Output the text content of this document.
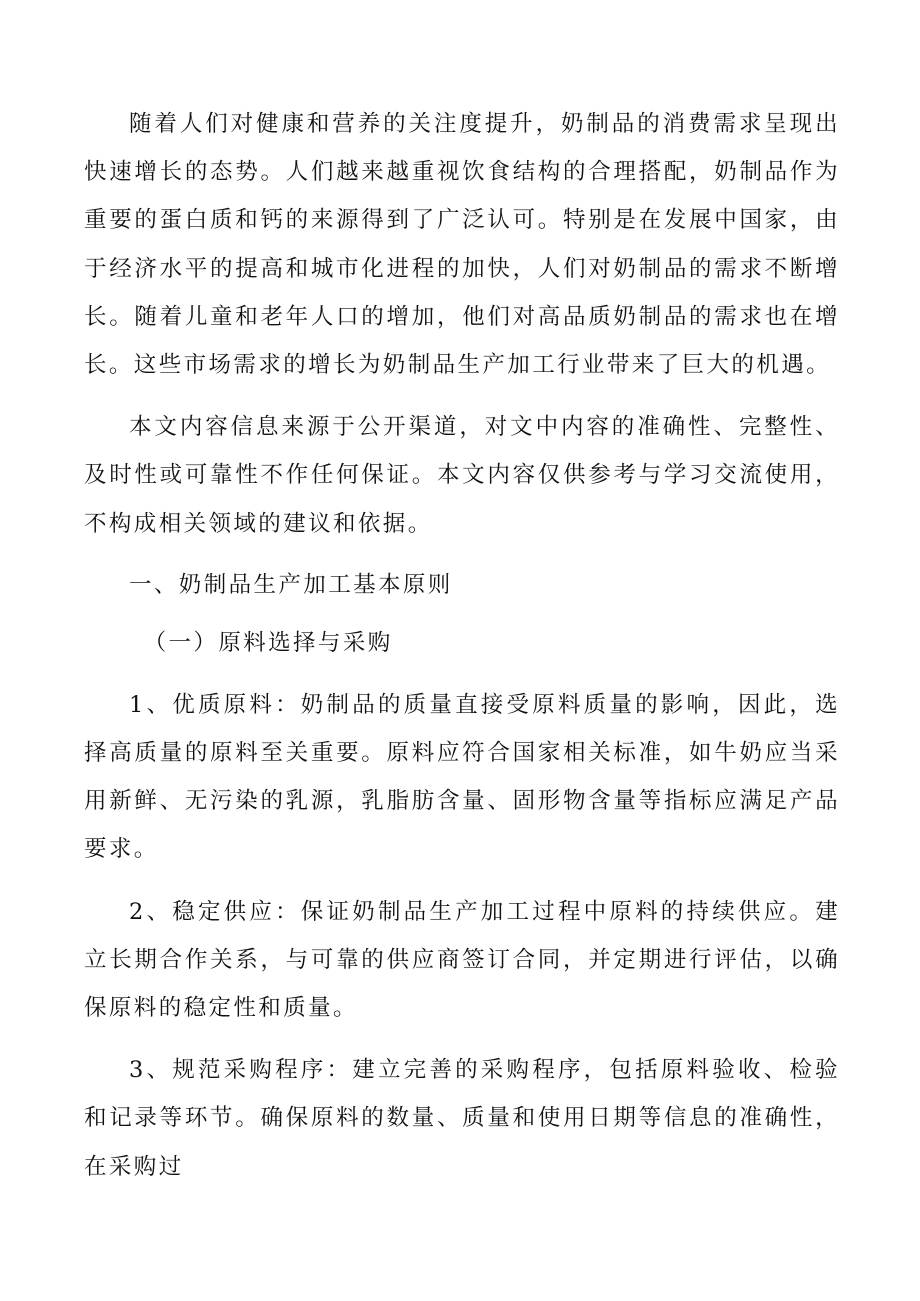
随着人们对健康和营养的关注度提升，奶制品的消费需求呈现出快速增长的态势。人们越来越重视饮食结构的合理搭配，奶制品作为重要的蛋白质和钙的来源得到了广泛认可。特别是在发展中国家，由于经济水平的提高和城市化进程的加快，人们对奶制品的需求不断增长。随着儿童和老年人口的增加，他们对高品质奶制品的需求也在增长。这些市场需求的增长为奶制品生产加工行业带来了巨大的机遇。

本文内容信息来源于公开渠道，对文中内容的准确性、完整性、及时性或可靠性不作任何保证。本文内容仅供参考与学习交流使用，不构成相关领域的建议和依据。

一、奶制品生产加工基本原则

（一）原料选择与采购

1、优质原料：奶制品的质量直接受原料质量的影响，因此，选择高质量的原料至关重要。原料应符合国家相关标准，如牛奶应当采用新鲜、无污染的乳源，乳脂肪含量、固形物含量等指标应满足产品要求。

2、稳定供应：保证奶制品生产加工过程中原料的持续供应。建立长期合作关系，与可靠的供应商签订合同，并定期进行评估，以确保原料的稳定性和质量。

3、规范采购程序：建立完善的采购程序，包括原料验收、检验和记录等环节。确保原料的数量、质量和使用日期等信息的准确性，在采购过
